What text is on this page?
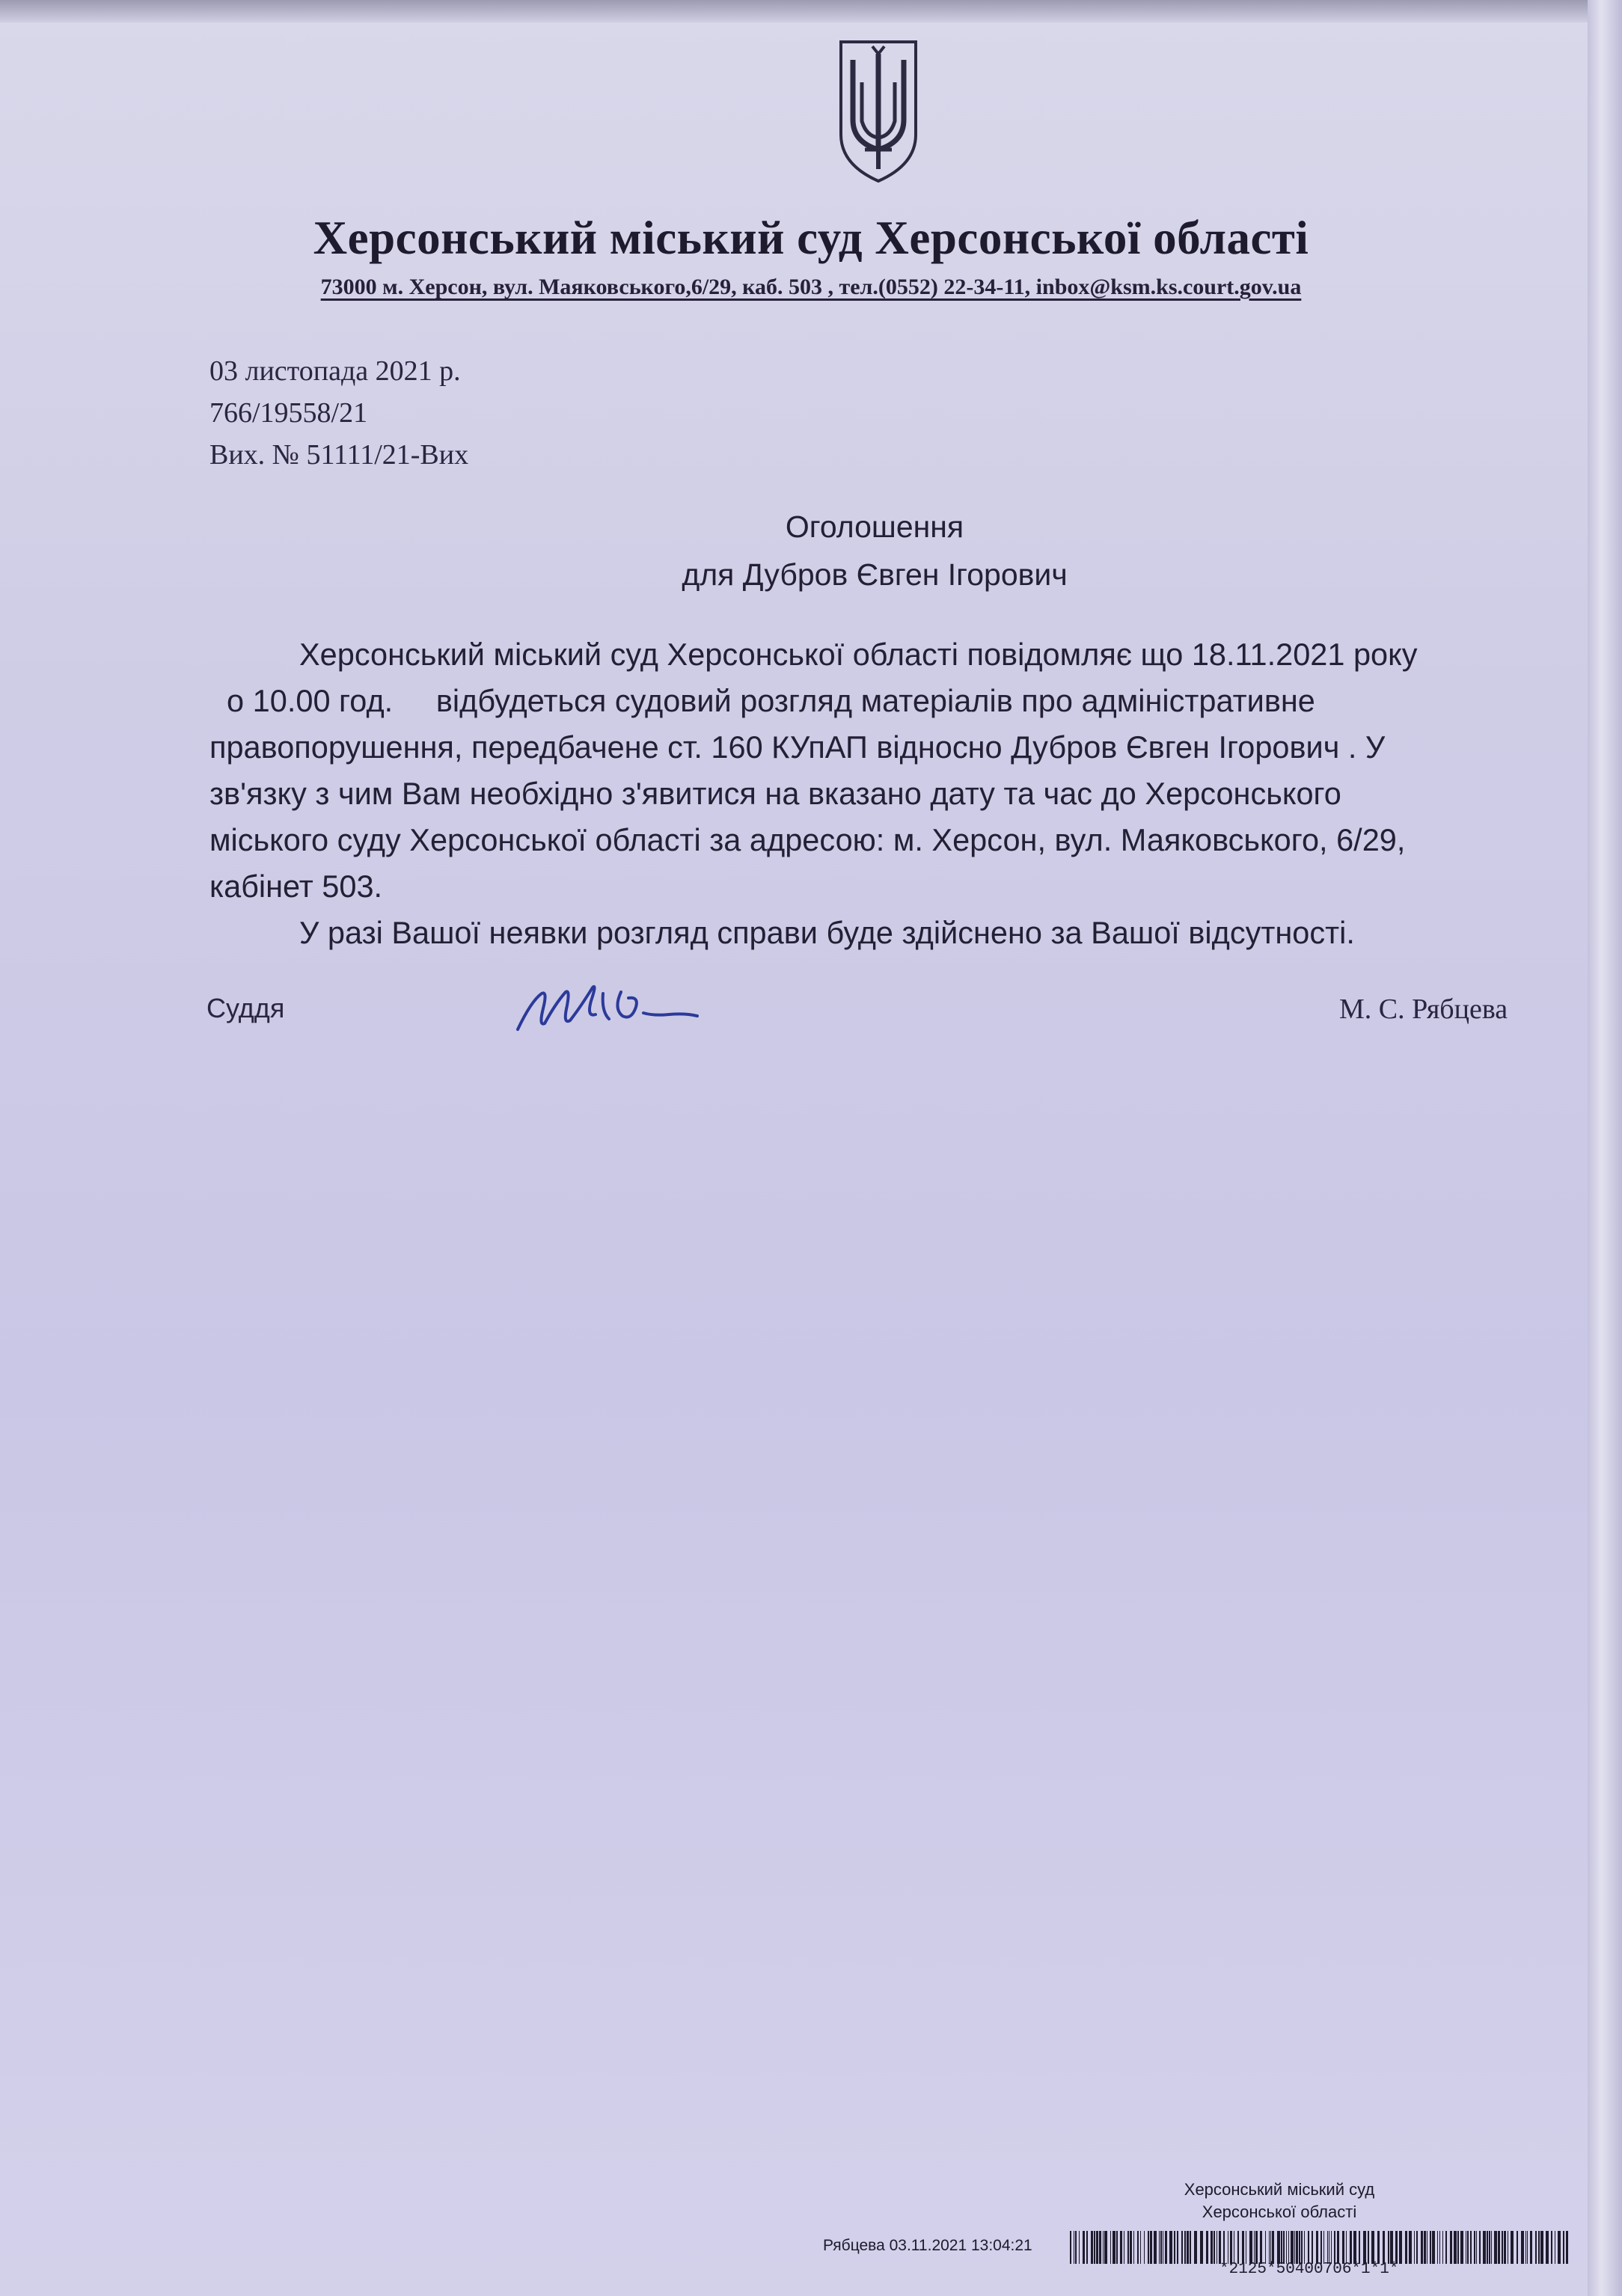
Херсонський міський суд Херсонської області
73000 м. Херсон, вул. Маяковського,6/29, каб. 503 , тел.(0552) 22-34-11, inbox@ksm.ks.court.gov.ua
03 листопада 2021 р.
766/19558/21
Вих. № 51111/21-Вих
Оголошення
для Дубров Євген Ігорович

Херсонський міський суд Херсонської області повідомляє що 18.11.2021 року

о 10.00 год.     відбудеться судовий розгляд матеріалів про адміністративне

правопорушення, передбачене ст. 160 КУпАП відносно Дубров Євген Ігорович . У

зв'язку з чим Вам необхідно з'явитися на вказано дату та час до Херсонського

міського суду Херсонської області за адресою: м. Херсон, вул. Маяковського, 6/29,

кабінет 503.

У разі Вашої неявки розгляд справи буде здійснено за Вашої відсутності.

Суддя	М. С. Рябцева
Херсонський міський суд
Херсонської області
Рябцева 03.11.2021 13:04:21
*2125*50400706*1*1*
